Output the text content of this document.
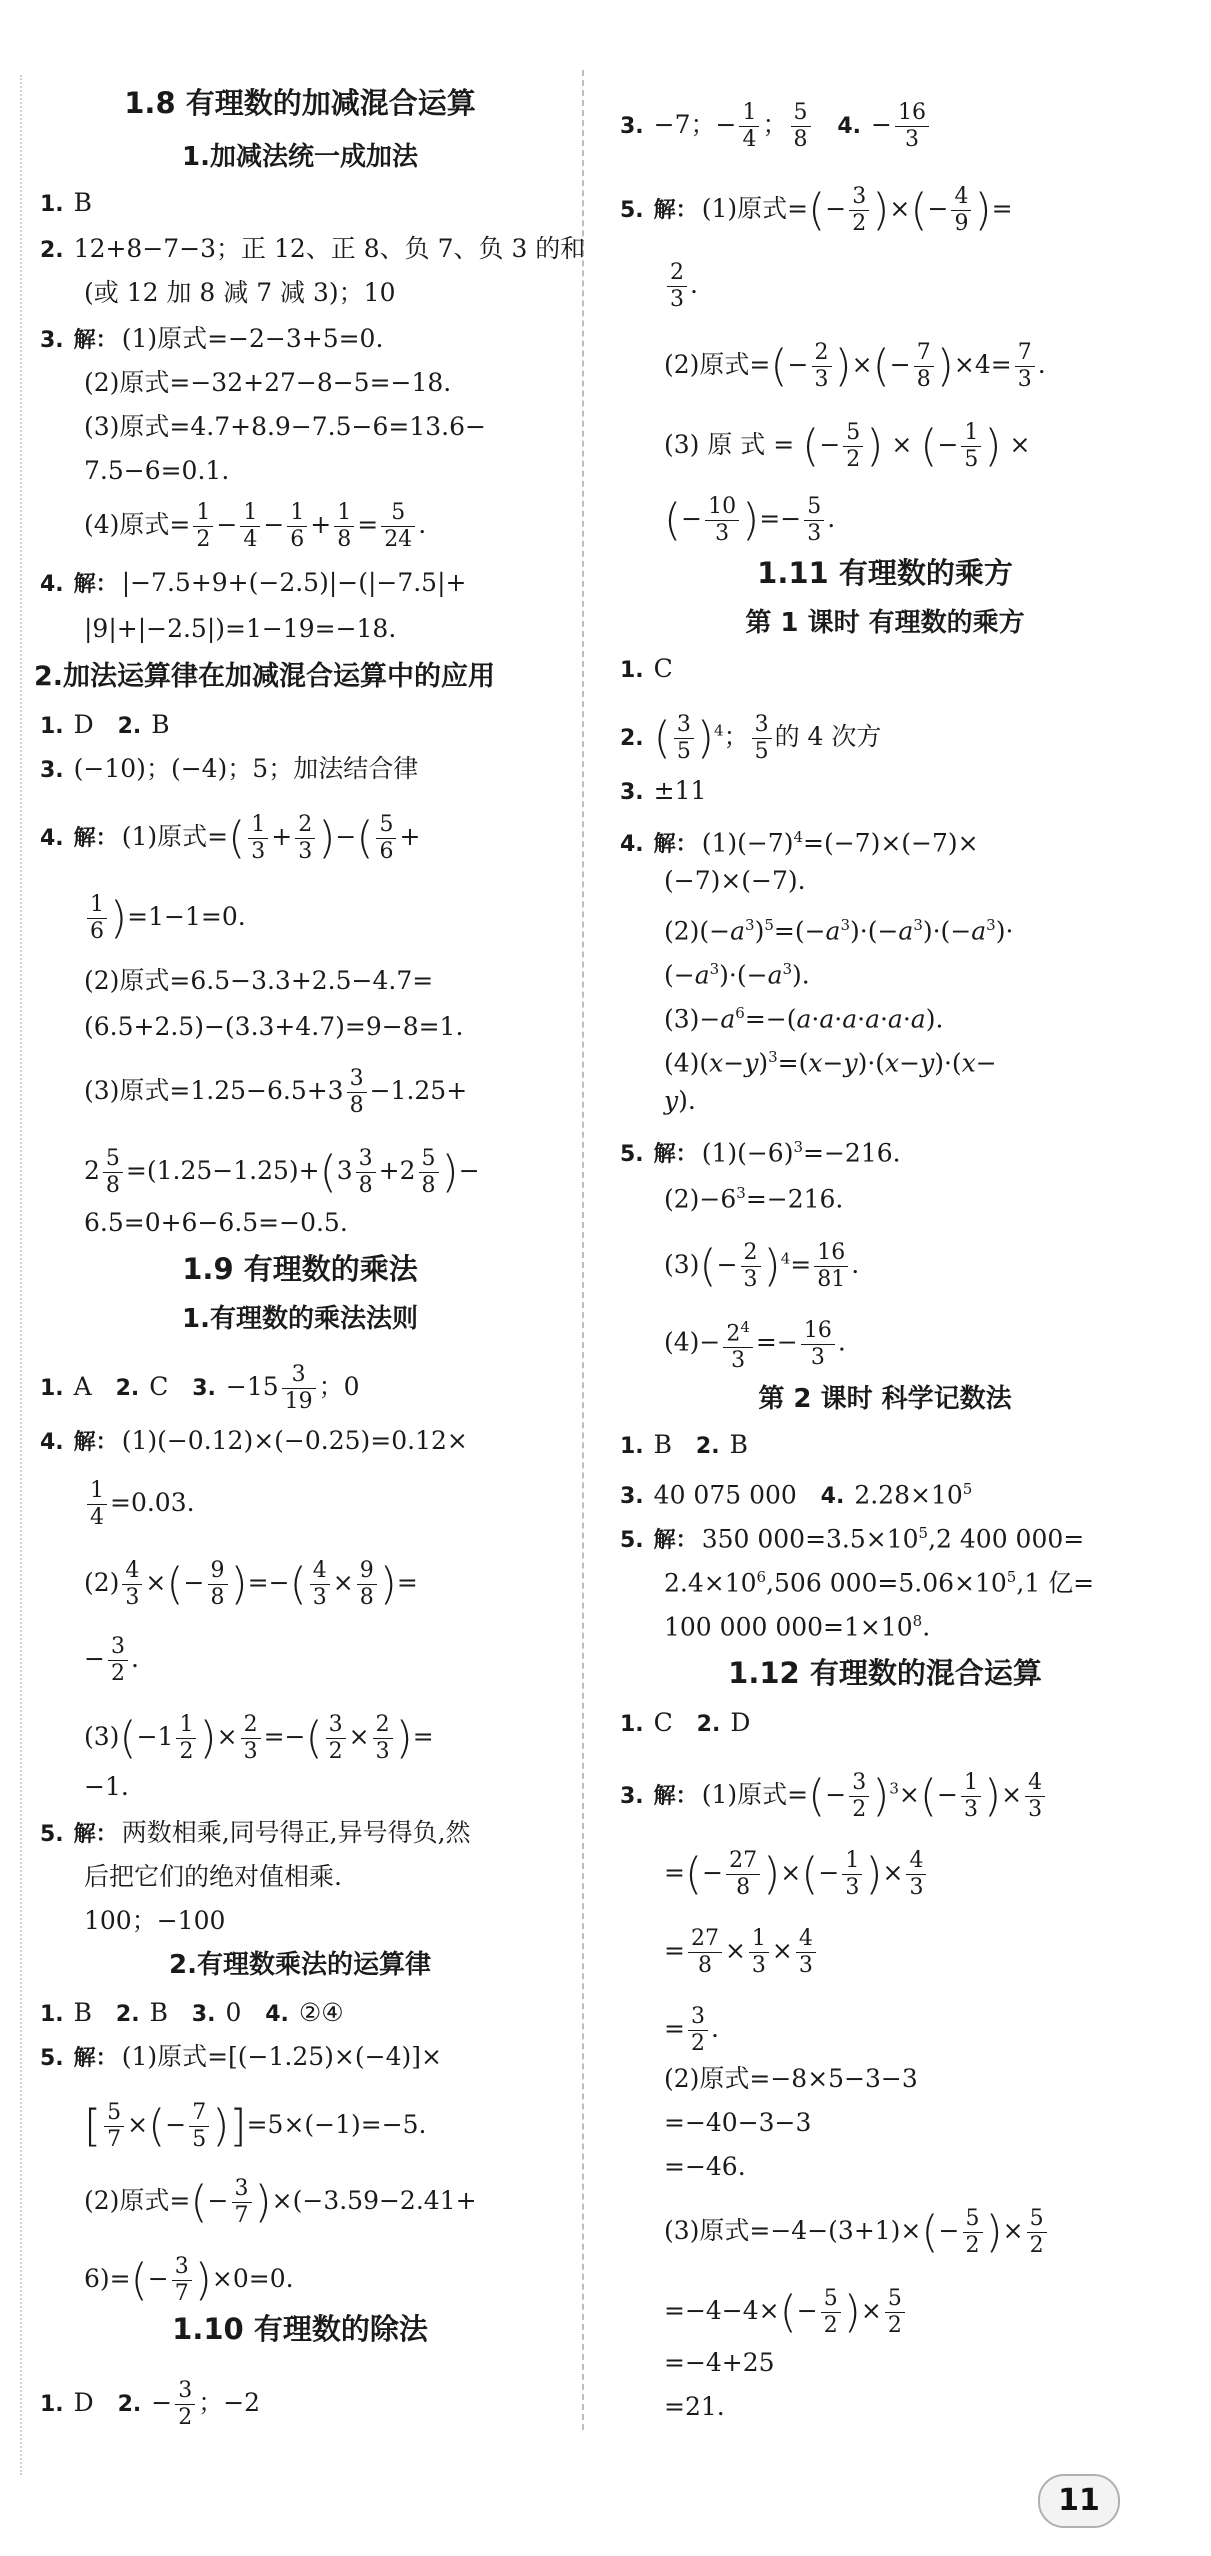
1.8 有理数的加减混合运算
1.加减法统一成加法
1. B
2. 12+8−7−3；正 12、正 8、负 7、负 3 的和
(或 12 加 8 减 7 减 3)；10
3. 解： (1)原式=−2−3+5=0.
(2)原式=−32+27−8−5=−18.
(3)原式=4.7+8.9−7.5−6=13.6−
7.5−6=0.1.
(4)原式= $\frac{1}{2} - \frac{1}{4} - \frac{1}{6} + \frac{1}{8} = \frac{5}{24}$ .
4. 解： |−7.5+9+(−2.5)|−(|−7.5|+
|9|+|−2.5|)=1−19=−18.
2.加法运算律在加减混合运算中的应用
1. D   2. B
3. (−10)；(−4)；5；加法结合律
4. 解： (1)原式=( $\frac{1}{3} + \frac{2}{3}$ )−( $\frac{5}{6}$ +
$\frac{1}{6} )=1-1=0$.
(2)原式=6.5−3.3+2.5−4.7=
(6.5+2.5)−(3.3+4.7)=9−8=1.
(3)原式$=1.25-6.5+3 \frac{3}{8} -1.25+$
$2 \frac{5}{8} =(1.25-1.25)+(3 \frac{3}{8} +2 \frac{5}{8}$ )−
6.5=0+6−6.5=−0.5.
1.9 有理数的乘法
1.有理数的乘法法则
1. A   2. C   3. $-15 \frac{3}{19}$ ；0
4. 解： (1)(−0.12)×(−0.25)=0.12×
$\frac{1}{4} =0.03$.
$(2) \frac{4}{3}$ ×(− $\frac{9}{8}$ )=−( $\frac{4}{3} \times \frac{9}{8}$ )=
− $\frac{3}{2}$ .
$(3)(-1 \frac{1}{2}$ )× $\frac{2}{3}$ =−( $\frac{3}{2} \times \frac{2}{3}$ )=
−1.
5. 解： 两数相乘,同号得正,异号得负,然
后把它们的绝对值相乘.
100；−100
2.有理数乘法的运算律
1. B   2. B   3. 0   4. ②④
5. 解： (1)原式=[(−1.25)×(−4)]×
[ $\frac{5}{7}$ ×(− $\frac{7}{5} )]=5\times(-1)=-5$.
(2)原式=(− $\frac{3}{7} )\times(-3.59-2.41+$
$6)=(- \frac{3}{7} )\times 0=0$.
1.10 有理数的除法
1. D   2. − $\frac{3}{2}$ ；−2
3. −7；− $\frac{1}{4}$ ； $\frac{5}{8} 4$. − $\frac{16}{3}$
5. 解： (1)原式=(− $\frac{3}{2}$ )×(− $\frac{4}{9}$ )=
$\frac{2}{3}$ .
(2)原式=(− $\frac{2}{3}$ )×(− $\frac{7}{8} )\times 4= \frac{7}{3}$ .
(3) 原 式 = (− $\frac{5}{2}$ ) × (− $\frac{1}{5}$ ) ×
(− $\frac{10}{3}$ )=− $\frac{5}{3}$ .
1.11 有理数的乘方
第 1 课时 有理数的乘方
1. C
2. ( $\frac{3}{5} )^4$； $\frac{3}{5}$ 的 4 次方
3. ±11
4. 解： $(1)(-7)^4=(-7)\times(-7)\times$
(−7)×(−7).
$(2)(-a^3)^5=(-a^3)\cdot(-a^3)\cdot(-a^3)\cdot$
$(-a^3)\cdot(-a^3)$.
$(3)-a^6=-(a\cdot a\cdot a\cdot a\cdot a\cdot a)$.
$(4)(x-y)^3=(x-y)\cdot(x-y)\cdot(x-$
y).
5. 解： $(1)(-6)^3=-216$.
$(2)-6^3=-216$.
$(3)(- \frac{2}{3} )^4= \frac{16}{81}$ .
$(4)- \frac{2^4}{3} =- \frac{16}{3}$ .
第 2 课时 科学记数法
1. B   2. B
3. 40 075 000   4. $2.28\times 10^5$
5. 解： 350 $000=3.5\times 10^5,2$ 400 000=
$2.4\times 10^6,506$ $000=5.06\times 10^5,1$ 亿=
100 000 $000=1\times 10^8$.
1.12 有理数的混合运算
1. C   2. D
3. 解： (1)原式=(− $\frac{3}{2} )^3\times(- \frac{1}{3}$ )× $\frac{4}{3}$
=(− $\frac{27}{8}$ )×(− $\frac{1}{3}$ )× $\frac{4}{3}$
= $\frac{27}{8} \times \frac{1}{3} \times \frac{4}{3}$
= $\frac{3}{2}$ .
(2)原式=−8×5−3−3
=−40−3−3
=−46.
(3)原式$=-4-(3+1)\times(- \frac{5}{2}$ )× $\frac{5}{2}$
$=-4-4\times(- \frac{5}{2}$ )× $\frac{5}{2}$
=−4+25
=21.
11
